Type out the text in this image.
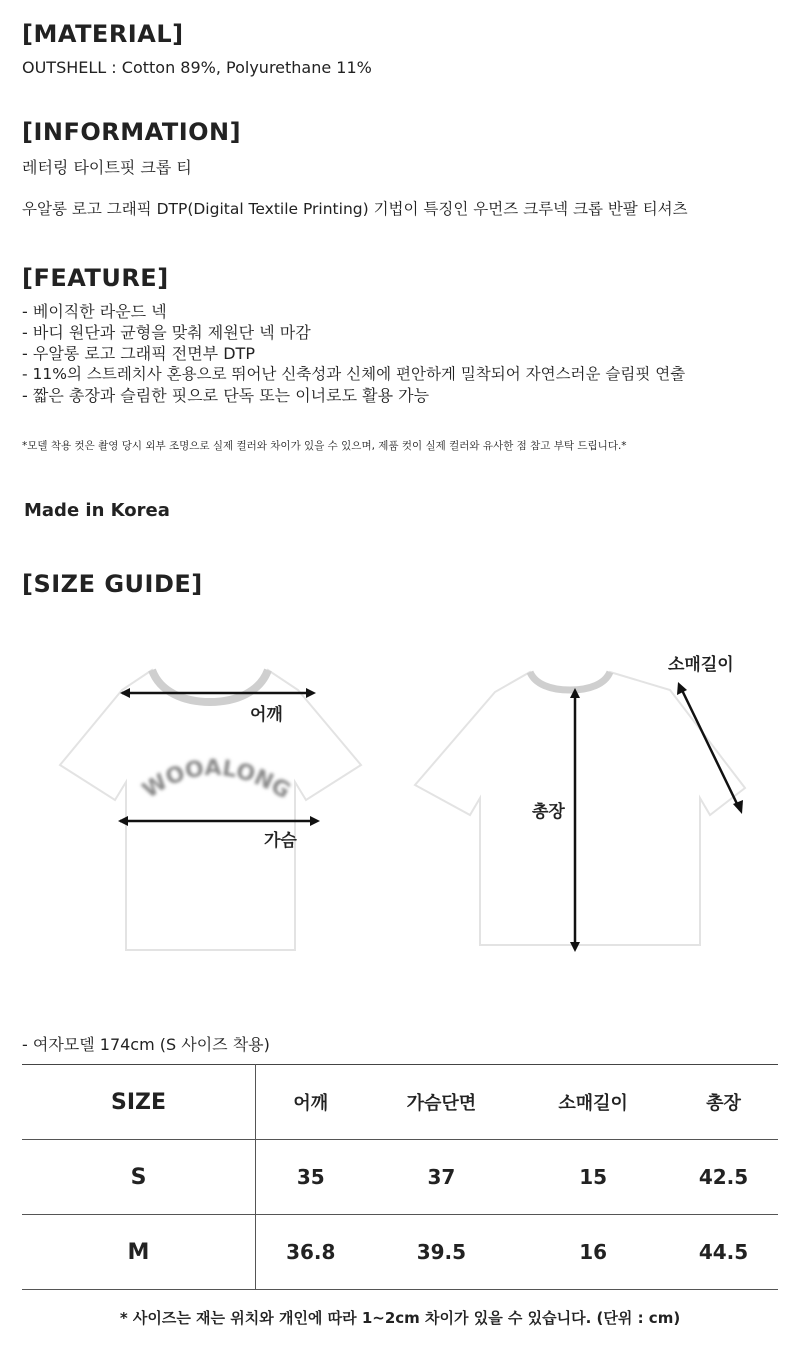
[MATERIAL]
OUTSHELL : Cotton 89%, Polyurethane 11%
[INFORMATION]
레터링 타이트핏 크롭 티
우알롱 로고 그래픽 DTP(Digital Textile Printing) 기법이 특징인 우먼즈 크루넥 크롭 반팔 티셔츠
[FEATURE]
- 베이직한 라운드 넥
- 바디 원단과 균형을 맞춰 제원단 넥 마감
- 우알롱 로고 그래픽 전면부 DTP
- 11%의 스트레치사 혼용으로 뛰어난 신축성과 신체에 편안하게 밀착되어 자연스러운 슬림핏 연출
- 짧은 총장과 슬림한 핏으로 단독 또는 이너로도 활용 가능
*모델 착용 컷은 촬영 당시 외부 조명으로 실제 컬러와 차이가 있을 수 있으며, 제품 컷이 실제 컬러와 유사한 점 참고 부탁 드립니다.*
Made in Korea
[SIZE GUIDE]
WOOALONG
어깨
가슴
소매길이
총장
- 여자모델 174cm (S 사이즈 착용)
SIZE	어깨	가슴단면	소매길이	총장
S	35	37	15	42.5
M	36.8	39.5	16	44.5
* 사이즈는 재는 위치와 개인에 따라 1~2cm 차이가 있을 수 있습니다. (단위 : cm)
